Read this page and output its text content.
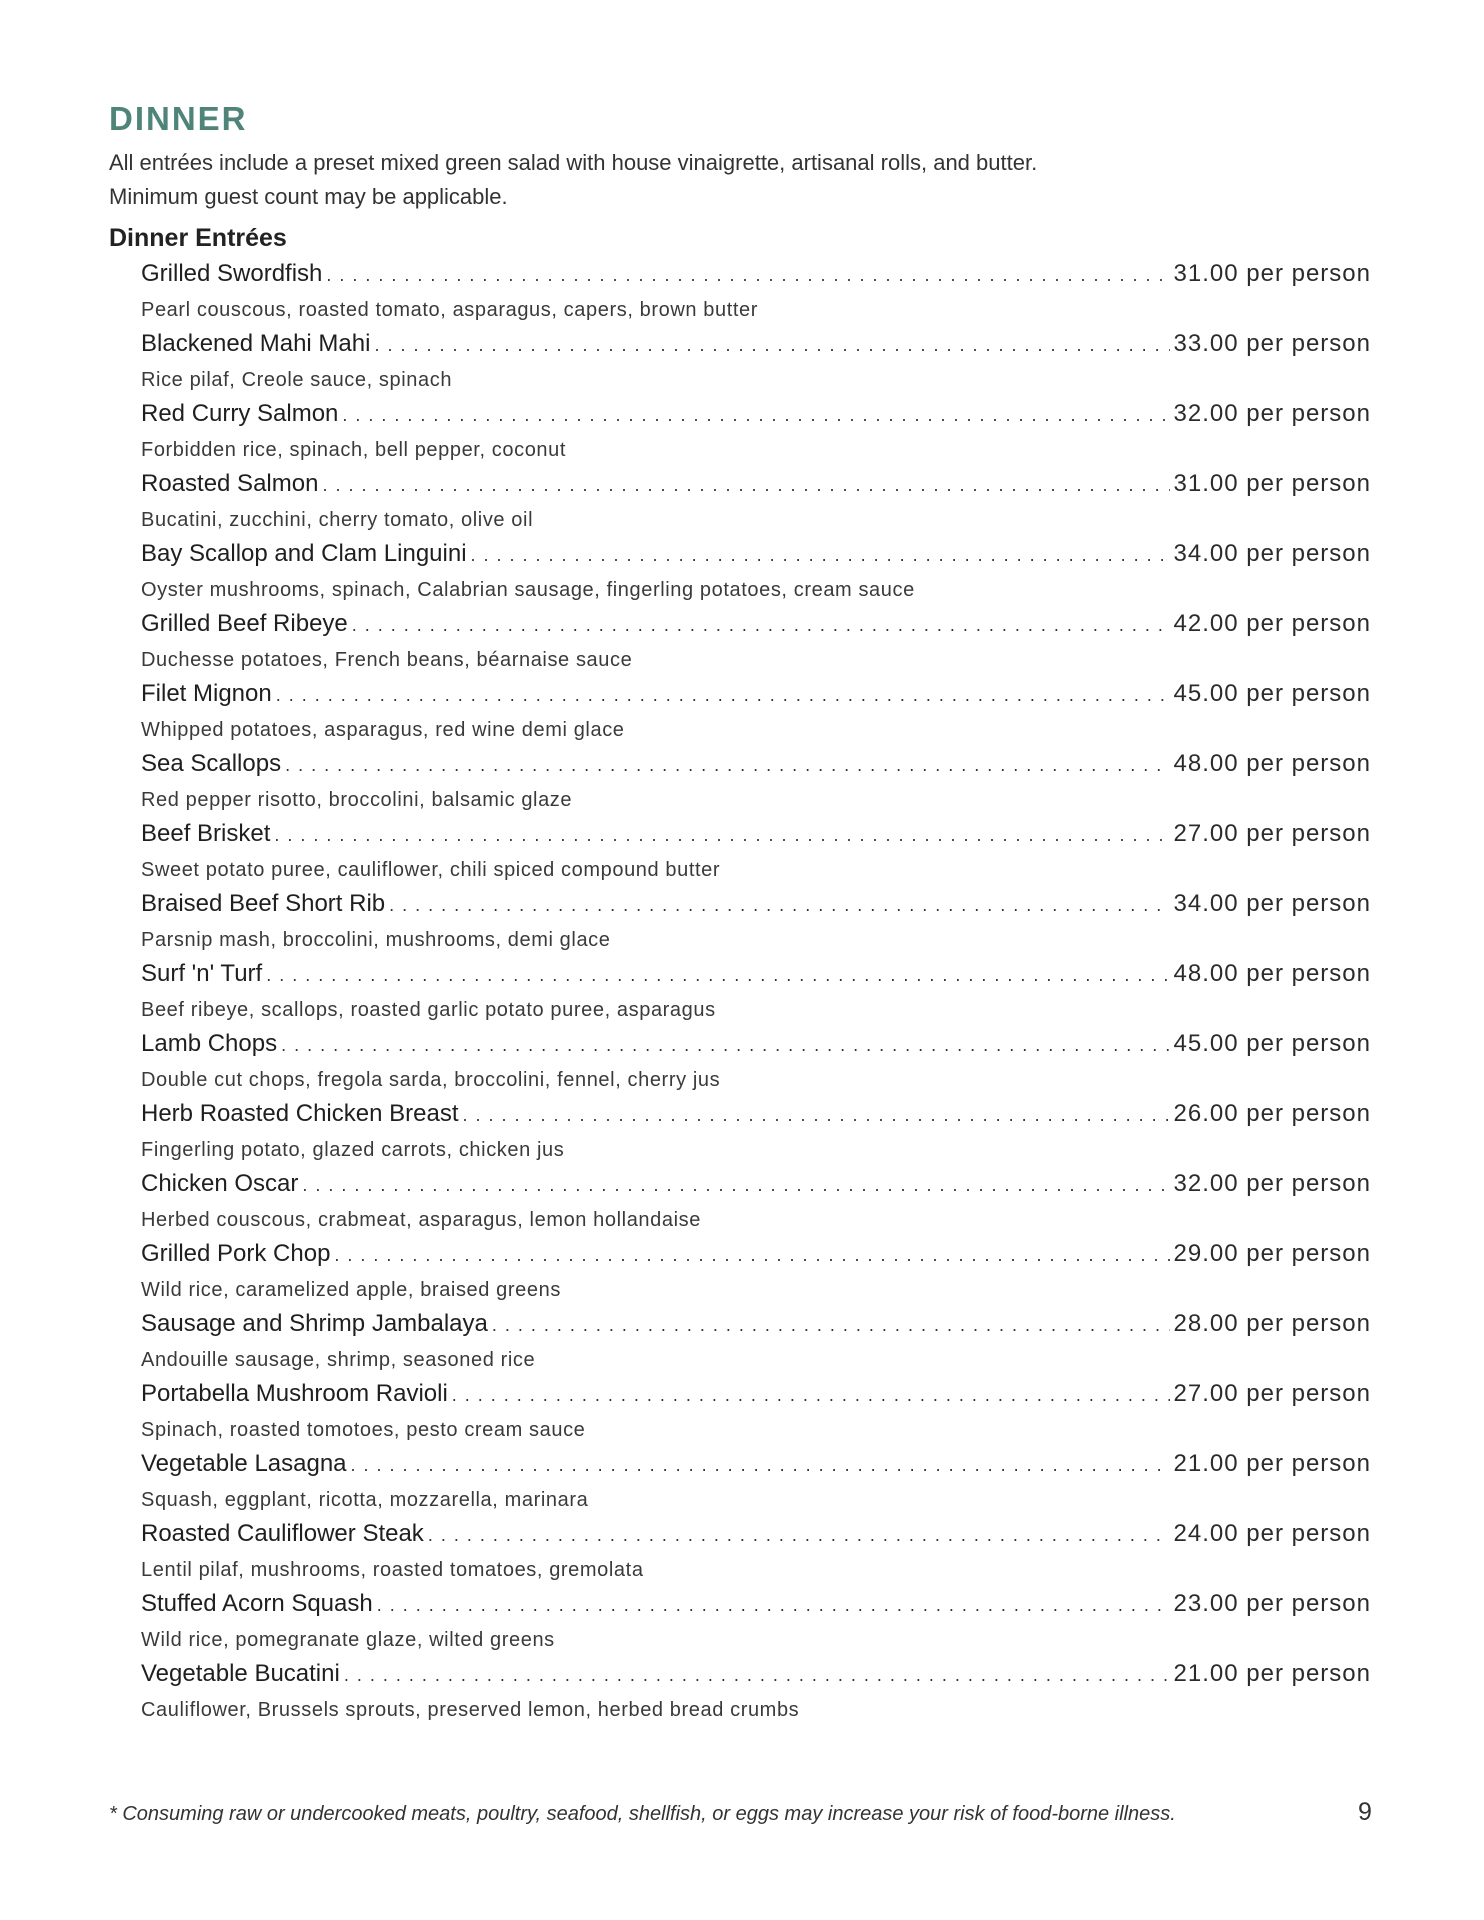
DINNER

All entrées include a preset mixed green salad with house vinaigrette, artisanal rolls, and butter.

Minimum guest count may be applicable.

Dinner Entrées
Grilled Swordfish . . .	31.00 per person
Pearl couscous, roasted tomato, asparagus, capers, brown butter
Blackened Mahi Mahi . . .	33.00 per person
Rice pilaf, Creole sauce, spinach
Red Curry Salmon . . .	32.00 per person
Forbidden rice, spinach, bell pepper, coconut
Roasted Salmon . . .	31.00 per person
Bucatini, zucchini, cherry tomato, olive oil
Bay Scallop and Clam Linguini . . .	34.00 per person
Oyster mushrooms, spinach, Calabrian sausage, fingerling potatoes, cream sauce
Grilled Beef Ribeye . . .	42.00 per person
Duchesse potatoes, French beans, béarnaise sauce
Filet Mignon . . .	45.00 per person
Whipped potatoes, asparagus, red wine demi glace
Sea Scallops . . .	48.00 per person
Red pepper risotto, broccolini, balsamic glaze
Beef Brisket . . .	27.00 per person
Sweet potato puree, cauliflower, chili spiced compound butter
Braised Beef Short Rib . . .	34.00 per person
Parsnip mash, broccolini, mushrooms, demi glace
Surf 'n' Turf . . .	48.00 per person
Beef ribeye, scallops, roasted garlic potato puree, asparagus
Lamb Chops . . .	45.00 per person
Double cut chops, fregola sarda, broccolini, fennel, cherry jus
Herb Roasted Chicken Breast . . .	26.00 per person
Fingerling potato, glazed carrots, chicken jus
Chicken Oscar . . .	32.00 per person
Herbed couscous, crabmeat, asparagus, lemon hollandaise
Grilled Pork Chop . . .	29.00 per person
Wild rice, caramelized apple, braised greens
Sausage and Shrimp Jambalaya . . .	28.00 per person
Andouille sausage, shrimp, seasoned rice
Portabella Mushroom Ravioli . . .	27.00 per person
Spinach, roasted tomotoes, pesto cream sauce
Vegetable Lasagna . . .	21.00 per person
Squash, eggplant, ricotta, mozzarella, marinara
Roasted Cauliflower Steak . . .	24.00 per person
Lentil pilaf, mushrooms, roasted tomatoes, gremolata
Stuffed Acorn Squash . . .	23.00 per person
Wild rice, pomegranate glaze, wilted greens
Vegetable Bucatini . . .	21.00 per person
Cauliflower, Brussels sprouts, preserved lemon, herbed bread crumbs
* Consuming raw or undercooked meats, poultry, seafood, shellfish, or eggs may increase your risk of food-borne illness.	9
